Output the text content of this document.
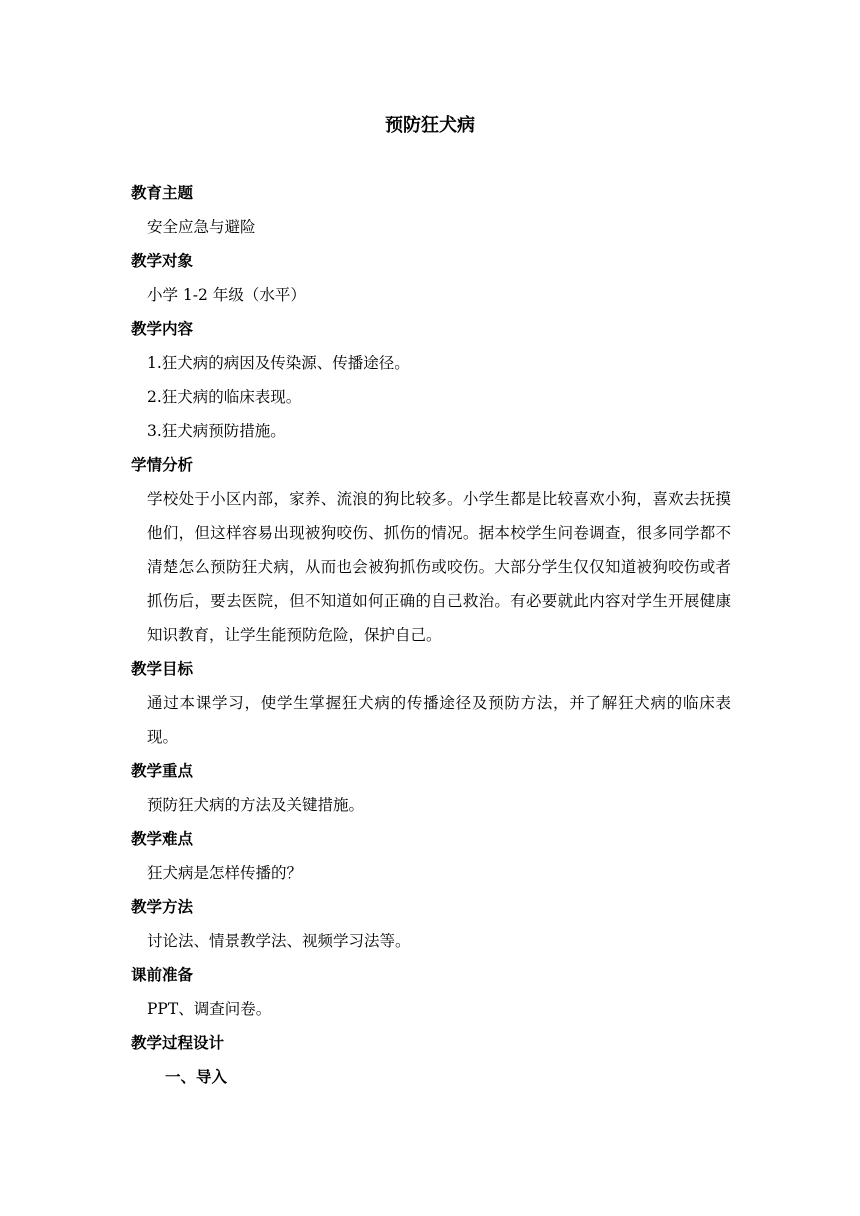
预防狂犬病
教育主题
安全应急与避险
教学对象
小学 1-2 年级（水平）
教学内容
1.狂犬病的病因及传染源、传播途径。
2.狂犬病的临床表现。
3.狂犬病预防措施。
学情分析
学校处于小区内部，家养、流浪的狗比较多。小学生都是比较喜欢小狗，喜欢去抚摸他们，但这样容易出现被狗咬伤、抓伤的情况。据本校学生问卷调查，很多同学都不清楚怎么预防狂犬病，从而也会被狗抓伤或咬伤。大部分学生仅仅知道被狗咬伤或者抓伤后，要去医院，但不知道如何正确的自己救治。有必要就此内容对学生开展健康知识教育，让学生能预防危险，保护自己。
教学目标
通过本课学习，使学生掌握狂犬病的传播途径及预防方法，并了解狂犬病的临床表现。
教学重点
预防狂犬病的方法及关键措施。
教学难点
狂犬病是怎样传播的？
教学方法
讨论法、情景教学法、视频学习法等。
课前准备
PPT、调查问卷。
教学过程设计
一、导入
